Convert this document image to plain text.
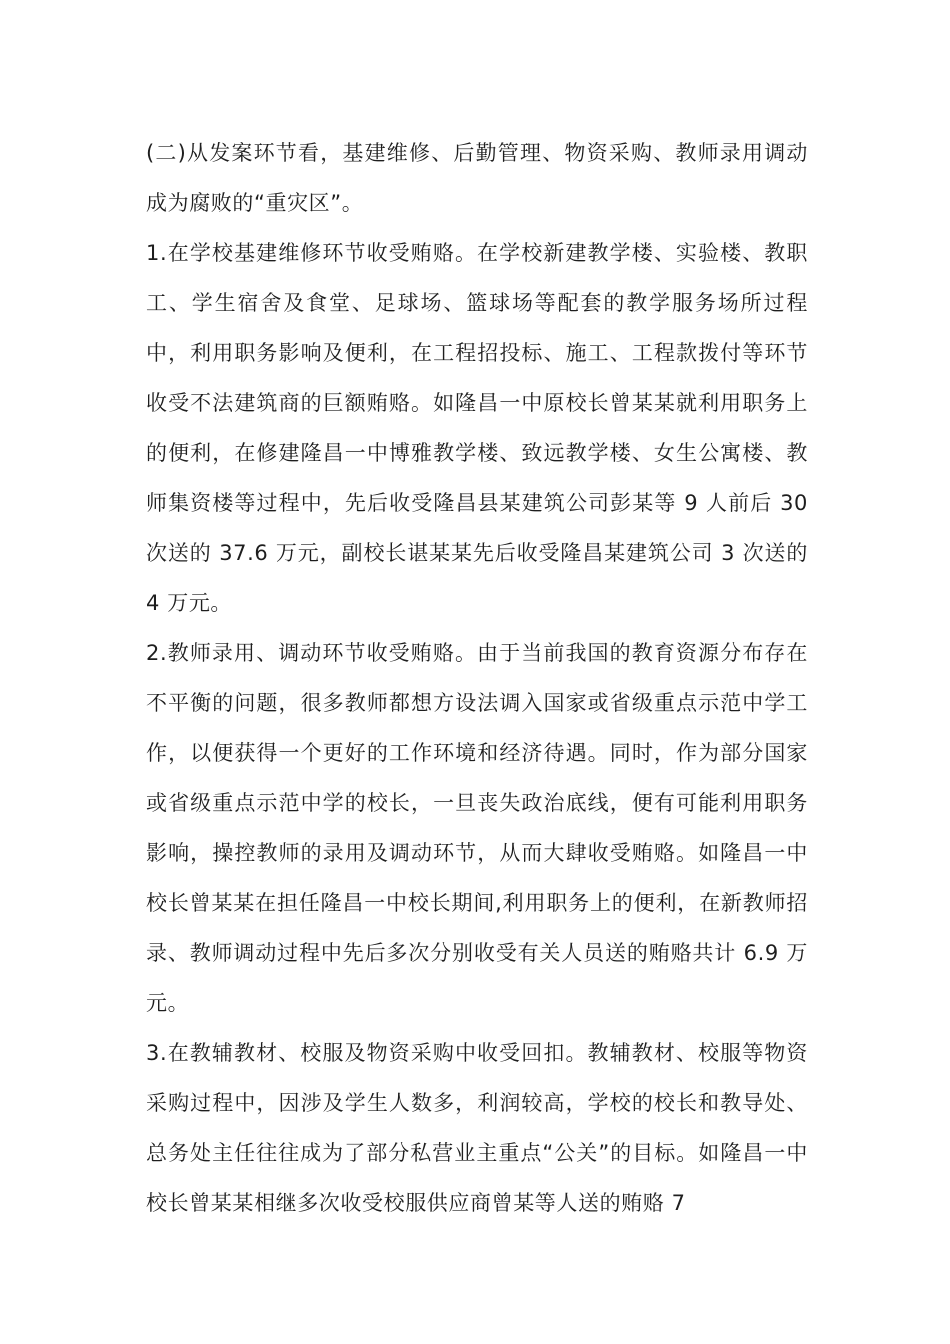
(二)从发案环节看，基建维修、后勤管理、物资采购、教师录用调动成为腐败的“重灾区”。

1.在学校基建维修环节收受贿赂。在学校新建教学楼、实验楼、教职工、学生宿舍及食堂、足球场、篮球场等配套的教学服务场所过程中，利用职务影响及便利，在工程招投标、施工、工程款拨付等环节收受不法建筑商的巨额贿赂。如隆昌一中原校长曾某某就利用职务上的便利，在修建隆昌一中博雅教学楼、致远教学楼、女生公寓楼、教师集资楼等过程中，先后收受隆昌县某建筑公司彭某等 9 人前后 30 次送的 37.6 万元，副校长谌某某先后收受隆昌某建筑公司 3 次送的 4 万元。

2.教师录用、调动环节收受贿赂。由于当前我国的教育资源分布存在不平衡的问题，很多教师都想方设法调入国家或省级重点示范中学工作，以便获得一个更好的工作环境和经济待遇。同时，作为部分国家或省级重点示范中学的校长，一旦丧失政治底线，便有可能利用职务影响，操控教师的录用及调动环节，从而大肆收受贿赂。如隆昌一中校长曾某某在担任隆昌一中校长期间,利用职务上的便利，在新教师招录、教师调动过程中先后多次分别收受有关人员送的贿赂共计 6.9 万元。

3.在教辅教材、校服及物资采购中收受回扣。教辅教材、校服等物资采购过程中，因涉及学生人数多，利润较高，学校的校长和教导处、总务处主任往往成为了部分私营业主重点“公关”的目标。如隆昌一中校长曾某某相继多次收受校服供应商曾某等人送的贿赂 7
